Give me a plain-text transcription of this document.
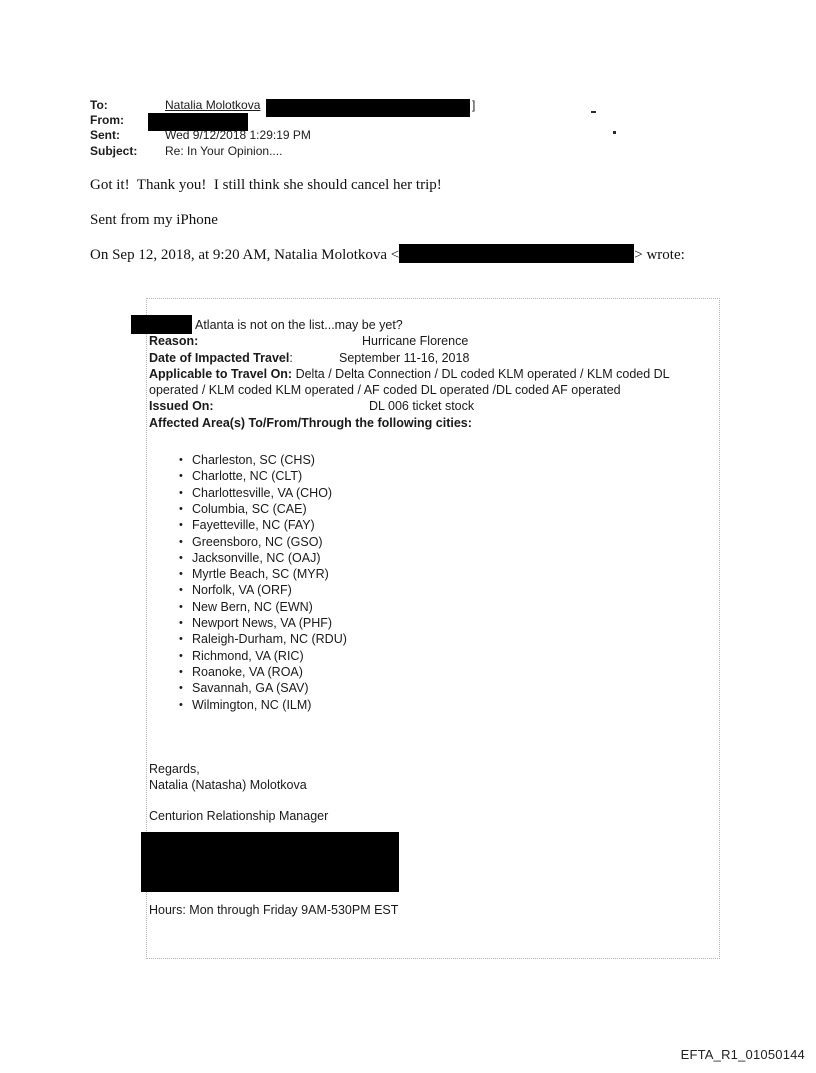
To:	Natalia Molotkova	]
From:
Sent:	Wed 9/12/2018 1:29:19 PM
Subject: Re: In Your Opinion....
Got it!  Thank you!  I still think she should cancel her trip!
Sent from my iPhone
On Sep 12, 2018, at 9:20 AM, Natalia Molotkova <	> wrote:
Atlanta is not on the list...may be yet?
Reason:	Hurricane Florence
Date of Impacted Travel:	September 11-16, 2018
Applicable to Travel On: Delta / Delta Connection / DL coded KLM operated / KLM coded DL operated / KLM coded KLM operated / AF coded DL operated /DL coded AF operated
Issued On:	DL 006 ticket stock
Affected Area(s) To/From/Through the following cities:
• Charleston, SC (CHS)
• Charlotte, NC (CLT)
• Charlottesville, VA (CHO)
• Columbia, SC (CAE)
• Fayetteville, NC (FAY)
• Greensboro, NC (GSO)
• Jacksonville, NC (OAJ)
• Myrtle Beach, SC (MYR)
• Norfolk, VA (ORF)
• New Bern, NC (EWN)
• Newport News, VA (PHF)
• Raleigh-Durham, NC (RDU)
• Richmond, VA (RIC)
• Roanoke, VA (ROA)
• Savannah, GA (SAV)
• Wilmington, NC (ILM)
Regards,
Natalia (Natasha) Molotkova
Centurion Relationship Manager
Hours: Mon through Friday 9AM-530PM EST
EFTA_R1_01050144
